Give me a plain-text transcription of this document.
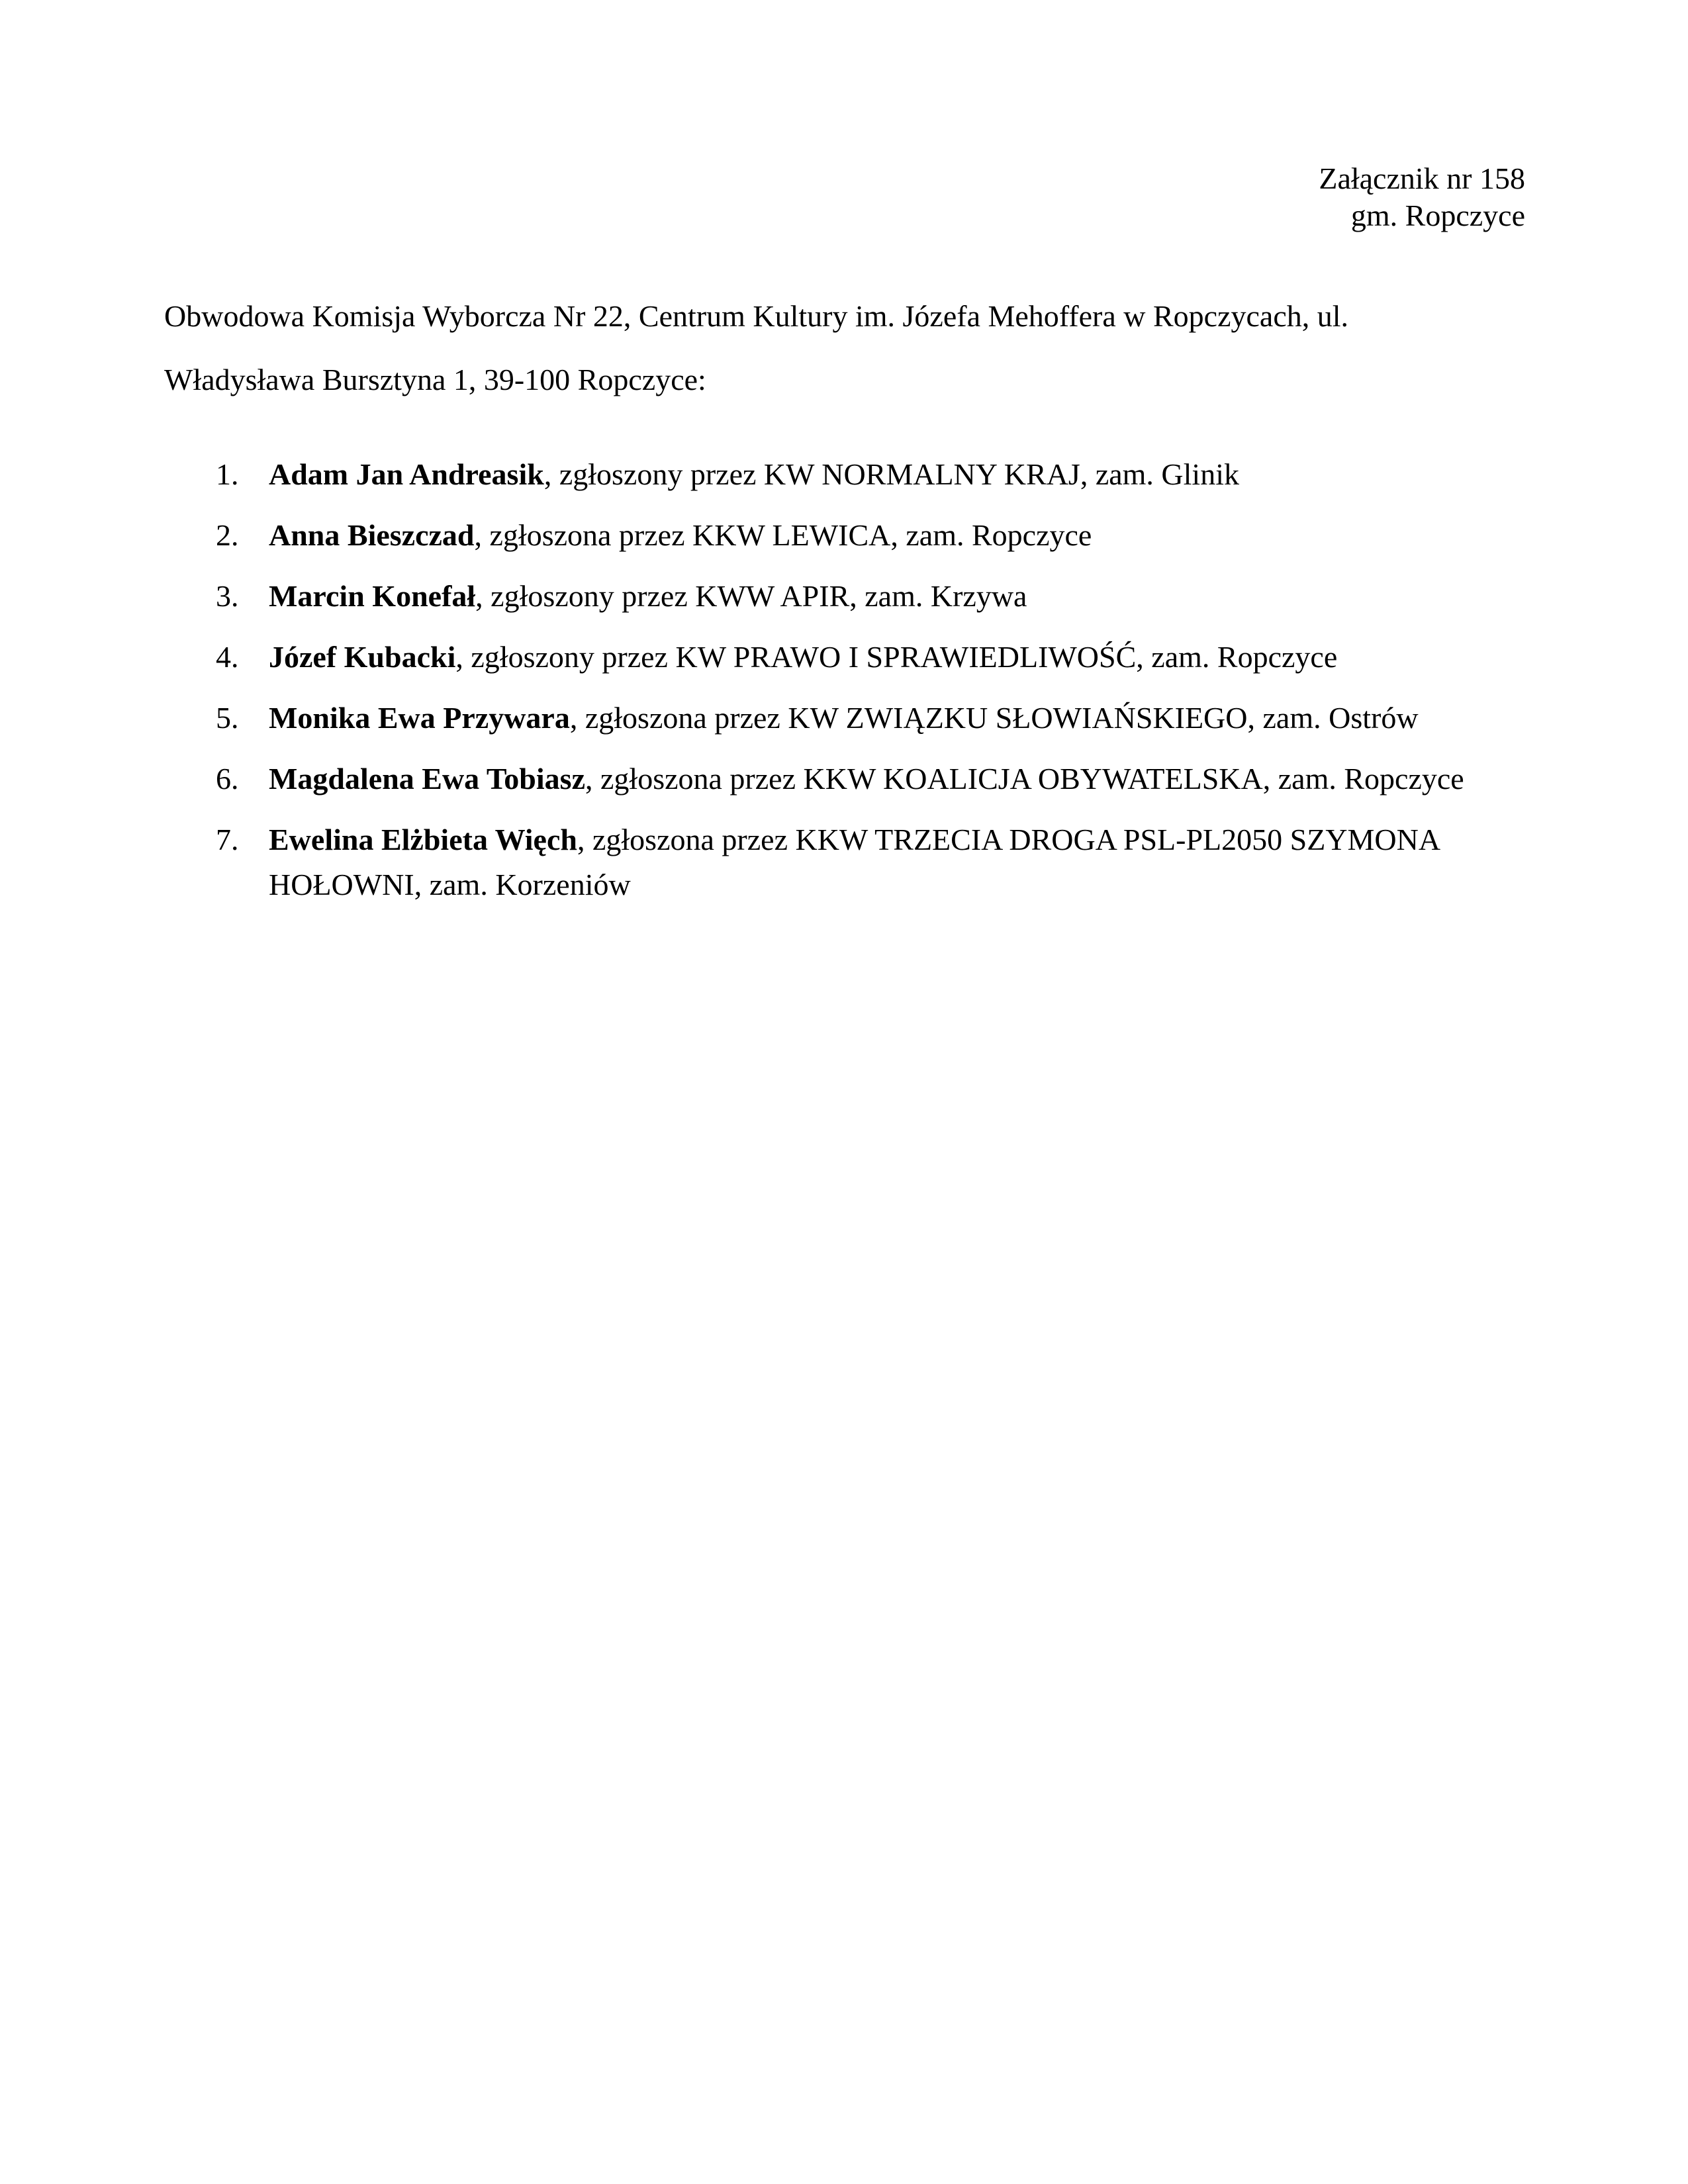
Załącznik nr 158
gm. Ropczyce
Obwodowa Komisja Wyborcza Nr 22, Centrum Kultury im. Józefa Mehoffera w Ropczycach, ul.
Władysława Bursztyna 1, 39-100 Ropczyce:
1. Adam Jan Andreasik, zgłoszony przez KW NORMALNY KRAJ, zam. Glinik
2. Anna Bieszczad, zgłoszona przez KKW LEWICA, zam. Ropczyce
3. Marcin Konefał, zgłoszony przez KWW APIR, zam. Krzywa
4. Józef Kubacki, zgłoszony przez KW PRAWO I SPRAWIEDLIWOŚĆ, zam. Ropczyce
5. Monika Ewa Przywara, zgłoszona przez KW ZWIĄZKU SŁOWIAŃSKIEGO, zam. Ostrów
6. Magdalena Ewa Tobiasz, zgłoszona przez KKW KOALICJA OBYWATELSKA, zam. Ropczyce
7. Ewelina Elżbieta Więch, zgłoszona przez KKW TRZECIA DROGA PSL-PL2050 SZYMONA HOŁOWNI, zam. Korzeniów
